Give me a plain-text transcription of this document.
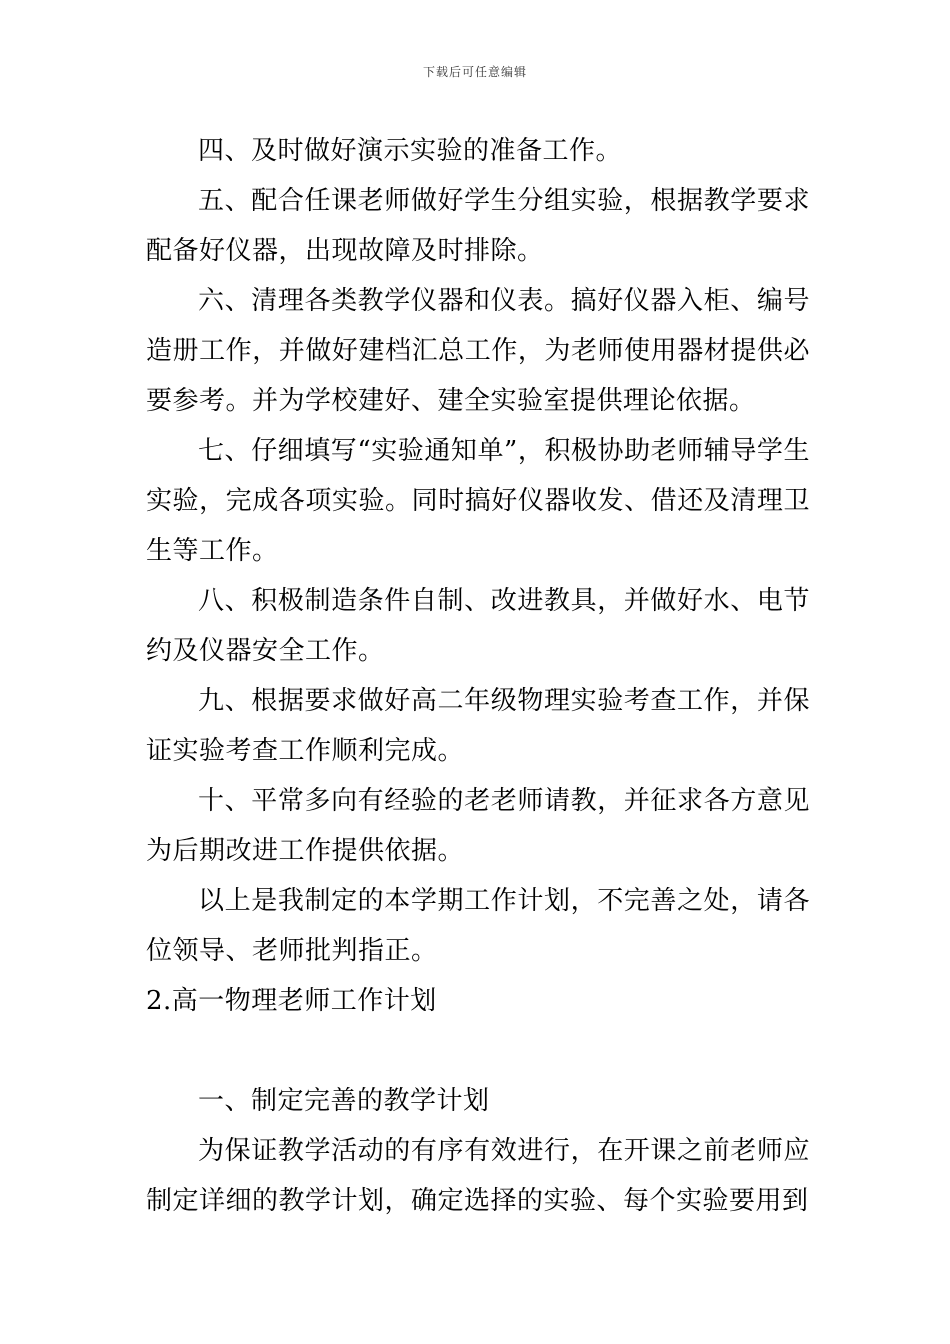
下载后可任意编辑

四、及时做好演示实验的准备工作。

五、配合任课老师做好学生分组实验，根据教学要求配备好仪器，出现故障及时排除。

六、清理各类教学仪器和仪表。搞好仪器入柜、编号造册工作，并做好建档汇总工作，为老师使用器材提供必要参考。并为学校建好、建全实验室提供理论依据。

七、仔细填写“实验通知单”，积极协助老师辅导学生实验，完成各项实验。同时搞好仪器收发、借还及清理卫生等工作。

八、积极制造条件自制、改进教具，并做好水、电节约及仪器安全工作。

九、根据要求做好高二年级物理实验考查工作，并保证实验考查工作顺利完成。

十、平常多向有经验的老老师请教，并征求各方意见为后期改进工作提供依据。

以上是我制定的本学期工作计划，不完善之处，请各位领导、老师批判指正。

2.高一物理老师工作计划

一、制定完善的教学计划

为保证教学活动的有序有效进行，在开课之前老师应制定详细的教学计划，确定选择的实验、每个实验要用到
